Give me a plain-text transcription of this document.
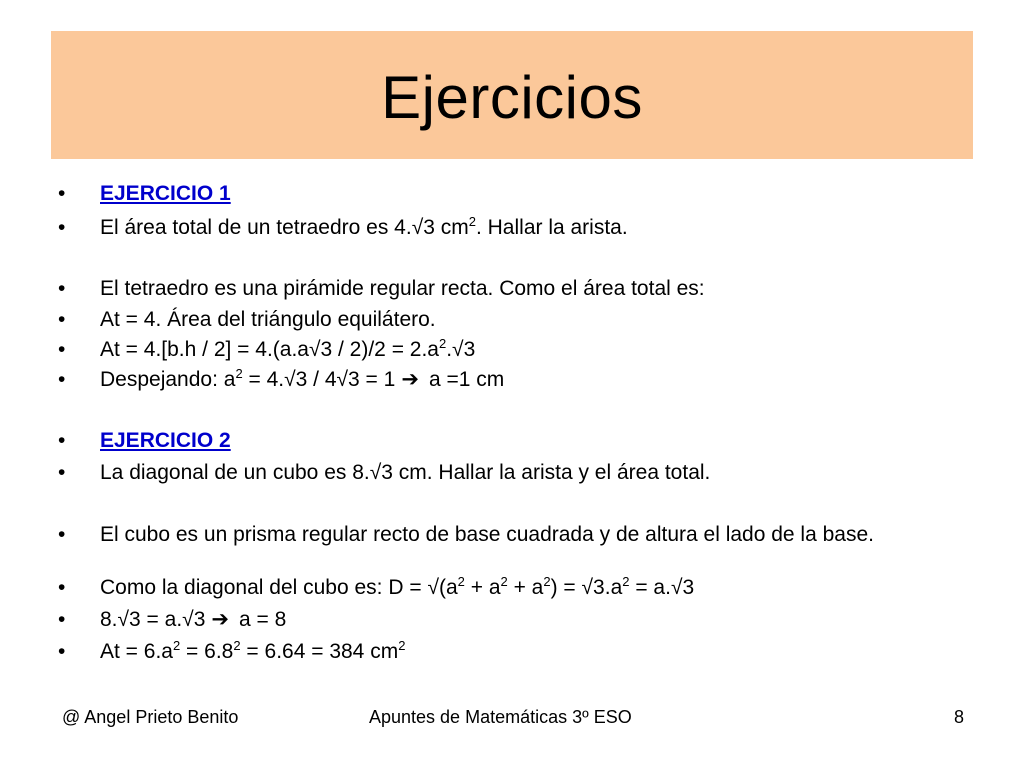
Ejercicios
•	EJERCICIO 1
•	El área total de un tetraedro es 4.√3 $cm^2$. Hallar la arista.
•	El tetraedro es una pirámide regular recta. Como el área total es:
•	At = 4. Área del triángulo equilátero.
•	$At = 4.[b.h / 2] = 4.(a.a√3 / 2)/2 = 2.a^2.√3$
•	Despejando: $a^2 = 4.√3 / 4√3 = 1$ ➔ a =1 cm
•	EJERCICIO 2
•	La diagonal de un cubo es 8.√3 cm. Hallar la arista y el área total.
•	El cubo es un prisma regular recto de base cuadrada y de altura el lado de la base.
•	Como la diagonal del cubo es: $D = √(a^2 + a^2 + a^2) = √3.a^2 = a.√3$
•	8.√3 = a.√3 ➔ a = 8
•	$At = 6.a^2 = 6.8^2 = 6.64 = 384$ $cm^2$
@ Angel Prieto Benito	Apuntes de Matemáticas 3º ESO	8
